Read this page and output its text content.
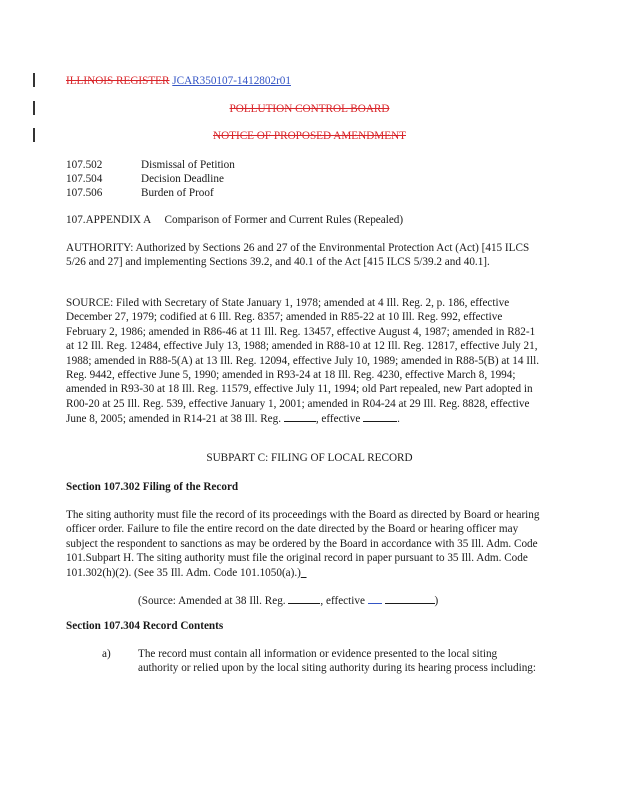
ILLINOIS REGISTER JCAR350107-1412802r01

POLLUTION CONTROL BOARD

NOTICE OF PROPOSED AMENDMENT

107.502	Dismissal of Petition
107.504	Decision Deadline
107.506	Burden of Proof

107.APPENDIX A     Comparison of Former and Current Rules (Repealed)

AUTHORITY: Authorized by Sections 26 and 27 of the Environmental Protection Act (Act) [415 ILCS 5/26 and 27] and implementing Sections 39.2, and 40.1 of the Act [415 ILCS 5/39.2 and 40.1].

SOURCE: Filed with Secretary of State January 1, 1978; amended at 4 Ill. Reg. 2, p. 186, effective December 27, 1979; codified at 6 Ill. Reg. 8357; amended in R85-22 at 10 Ill. Reg. 992, effective February 2, 1986; amended in R86-46 at 11 Ill. Reg. 13457, effective August 4, 1987; amended in R82-1 at 12 Ill. Reg. 12484, effective July 13, 1988; amended in R88-10 at 12 Ill. Reg. 12817, effective July 21, 1988; amended in R88-5(A) at 13 Ill. Reg. 12094, effective July 10, 1989; amended in R88-5(B) at 14 Ill. Reg. 9442, effective June 5, 1990; amended in R93-24 at 18 Ill. Reg. 4230, effective March 8, 1994; amended in R93-30 at 18 Ill. Reg. 11579, effective July 11, 1994; old Part repealed, new Part adopted in R00-20 at 25 Ill. Reg. 539, effective January 1, 2001; amended in R04-24 at 29 Ill. Reg. 8828, effective June 8, 2005; amended in R14-21 at 38 Ill. Reg.	, effective	.

SUBPART C: FILING OF LOCAL RECORD

Section 107.302 Filing of the Record

The siting authority must file the record of its proceedings with the Board as directed by Board or hearing officer order. Failure to file the entire record on the date directed by the Board or hearing officer may subject the respondent to sanctions as may be ordered by the Board in accordance with 35 Ill. Adm. Code 101.Subpart H. The siting authority must file the original record in paper pursuant to 35 Ill. Adm. Code 101.302(h)(2). (See 35 Ill. Adm. Code 101.1050(a).)_

(Source: Amended at 38 Ill. Reg.	, effective	)

Section 107.304 Record Contents

a) The record must contain all information or evidence presented to the local siting authority or relied upon by the local siting authority during its hearing process including:
